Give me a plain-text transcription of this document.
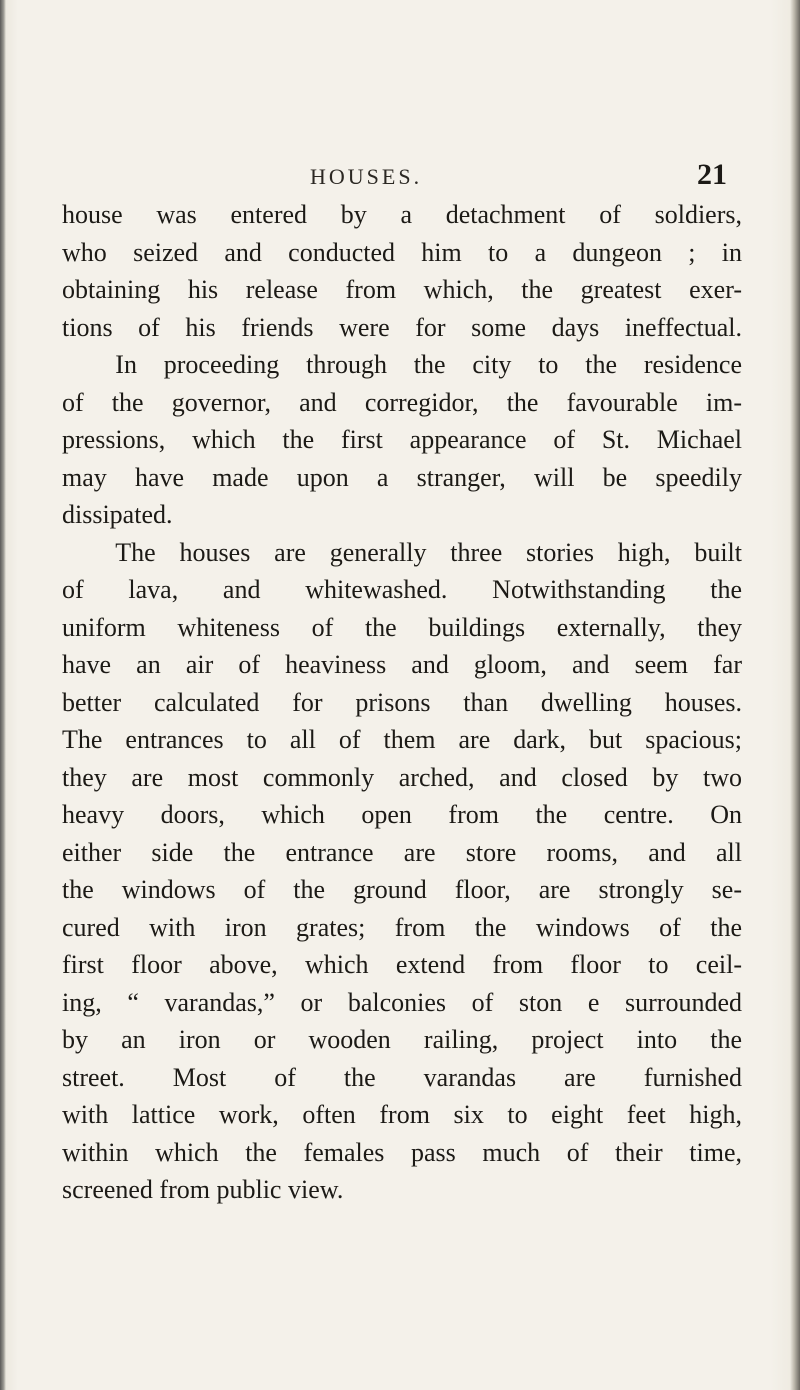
HOUSES.	21
house was entered by a detachment of soldiers,
who seized and conducted him to a dungeon ; in
obtaining his release from which, the greatest exer-
tions of his friends were for some days ineffectual.
In proceeding through the city to the residence
of the governor, and corregidor, the favourable im-
pressions, which the first appearance of St. Michael
may have made upon a stranger, will be speedily
dissipated.
The houses are generally three stories high, built
of lava, and whitewashed. Notwithstanding the
uniform whiteness of the buildings externally, they
have an air of heaviness and gloom, and seem far
better calculated for prisons than dwelling houses.
The entrances to all of them are dark, but spacious;
they are most commonly arched, and closed by two
heavy doors, which open from the centre. On
either side the entrance are store rooms, and all
the windows of the ground floor, are strongly se-
cured with iron grates; from the windows of the
first floor above, which extend from floor to ceil-
ing, “ varandas,” or balconies of ston e surrounded
by an iron or wooden railing, project into the
street. Most of the varandas are furnished
with lattice work, often from six to eight feet high,
within which the females pass much of their time,
screened from public view.
